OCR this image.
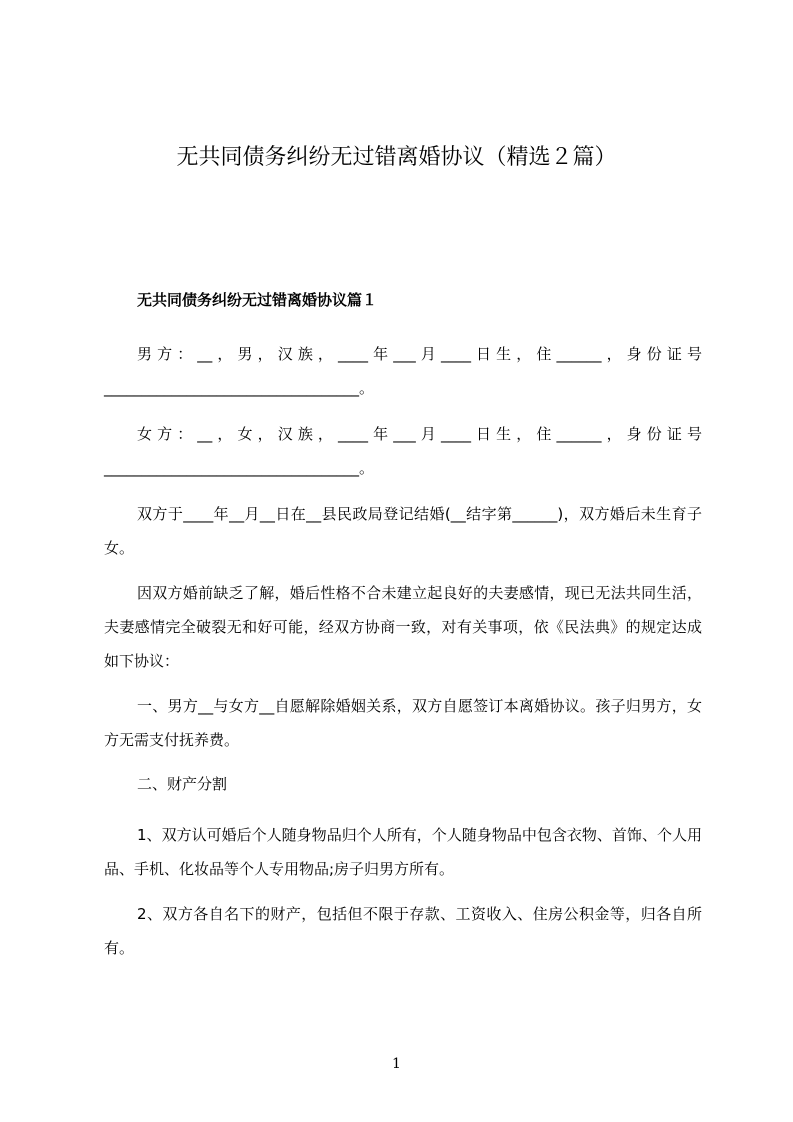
无共同债务纠纷无过错离婚协议（精选２篇）
无共同债务纠纷无过错离婚协议篇１

男方：__，男，汉族，____年___月____日生，住______，身份证号__________________________________。

女方：__，女，汉族，____年___月____日生，住______，身份证号__________________________________。

双方于____年__月__日在__县民政局登记结婚(__结字第______)，双方婚后未生育子女。

因双方婚前缺乏了解，婚后性格不合未建立起良好的夫妻感情，现已无法共同生活，夫妻感情完全破裂无和好可能，经双方协商一致，对有关事项，依《民法典》的规定达成如下协议：

一、男方__与女方__自愿解除婚姻关系，双方自愿签订本离婚协议。孩子归男方，女方无需支付抚养费。

二、财产分割

1、双方认可婚后个人随身物品归个人所有，个人随身物品中包含衣物、首饰、个人用品、手机、化妆品等个人专用物品;房子归男方所有。

2、双方各自名下的财产，包括但不限于存款、工资收入、住房公积金等，归各自所有。

1
